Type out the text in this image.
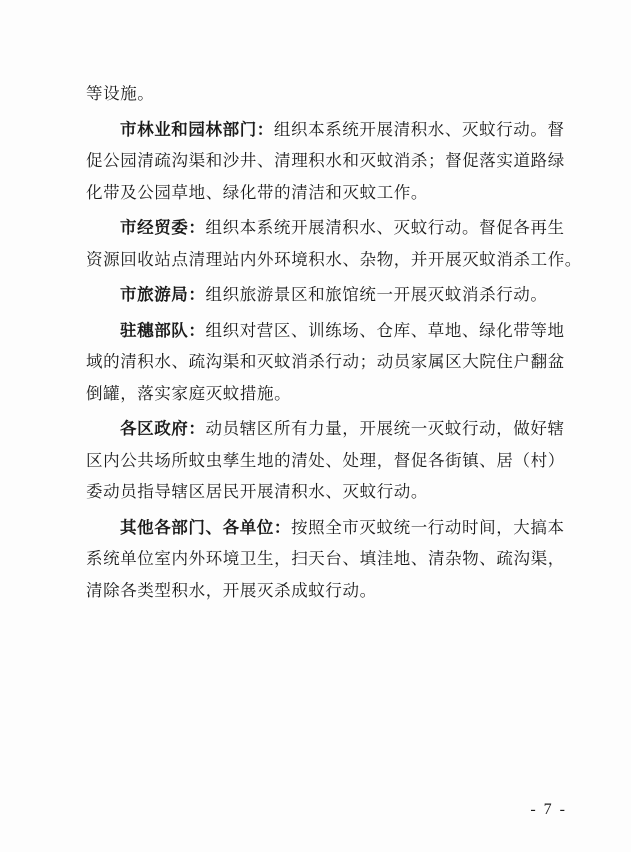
等设施。
市林业和园林部门：组织本系统开展清积水、灭蚊行动。督
促公园清疏沟渠和沙井、清理积水和灭蚊消杀；督促落实道路绿
化带及公园草地、绿化带的清洁和灭蚊工作。
市经贸委：组织本系统开展清积水、灭蚊行动。督促各再生
资源回收站点清理站内外环境积水、杂物，并开展灭蚊消杀工作。
市旅游局：组织旅游景区和旅馆统一开展灭蚊消杀行动。
驻穗部队：组织对营区、训练场、仓库、草地、绿化带等地
域的清积水、疏沟渠和灭蚊消杀行动；动员家属区大院住户翻盆
倒罐，落实家庭灭蚊措施。
各区政府：动员辖区所有力量，开展统一灭蚊行动，做好辖
区内公共场所蚊虫孳生地的清处、处理，督促各街镇、居（村）
委动员指导辖区居民开展清积水、灭蚊行动。
其他各部门、各单位：按照全市灭蚊统一行动时间，大搞本
系统单位室内外环境卫生，扫天台、填洼地、清杂物、疏沟渠，
清除各类型积水，开展灭杀成蚊行动。
- 7 -
